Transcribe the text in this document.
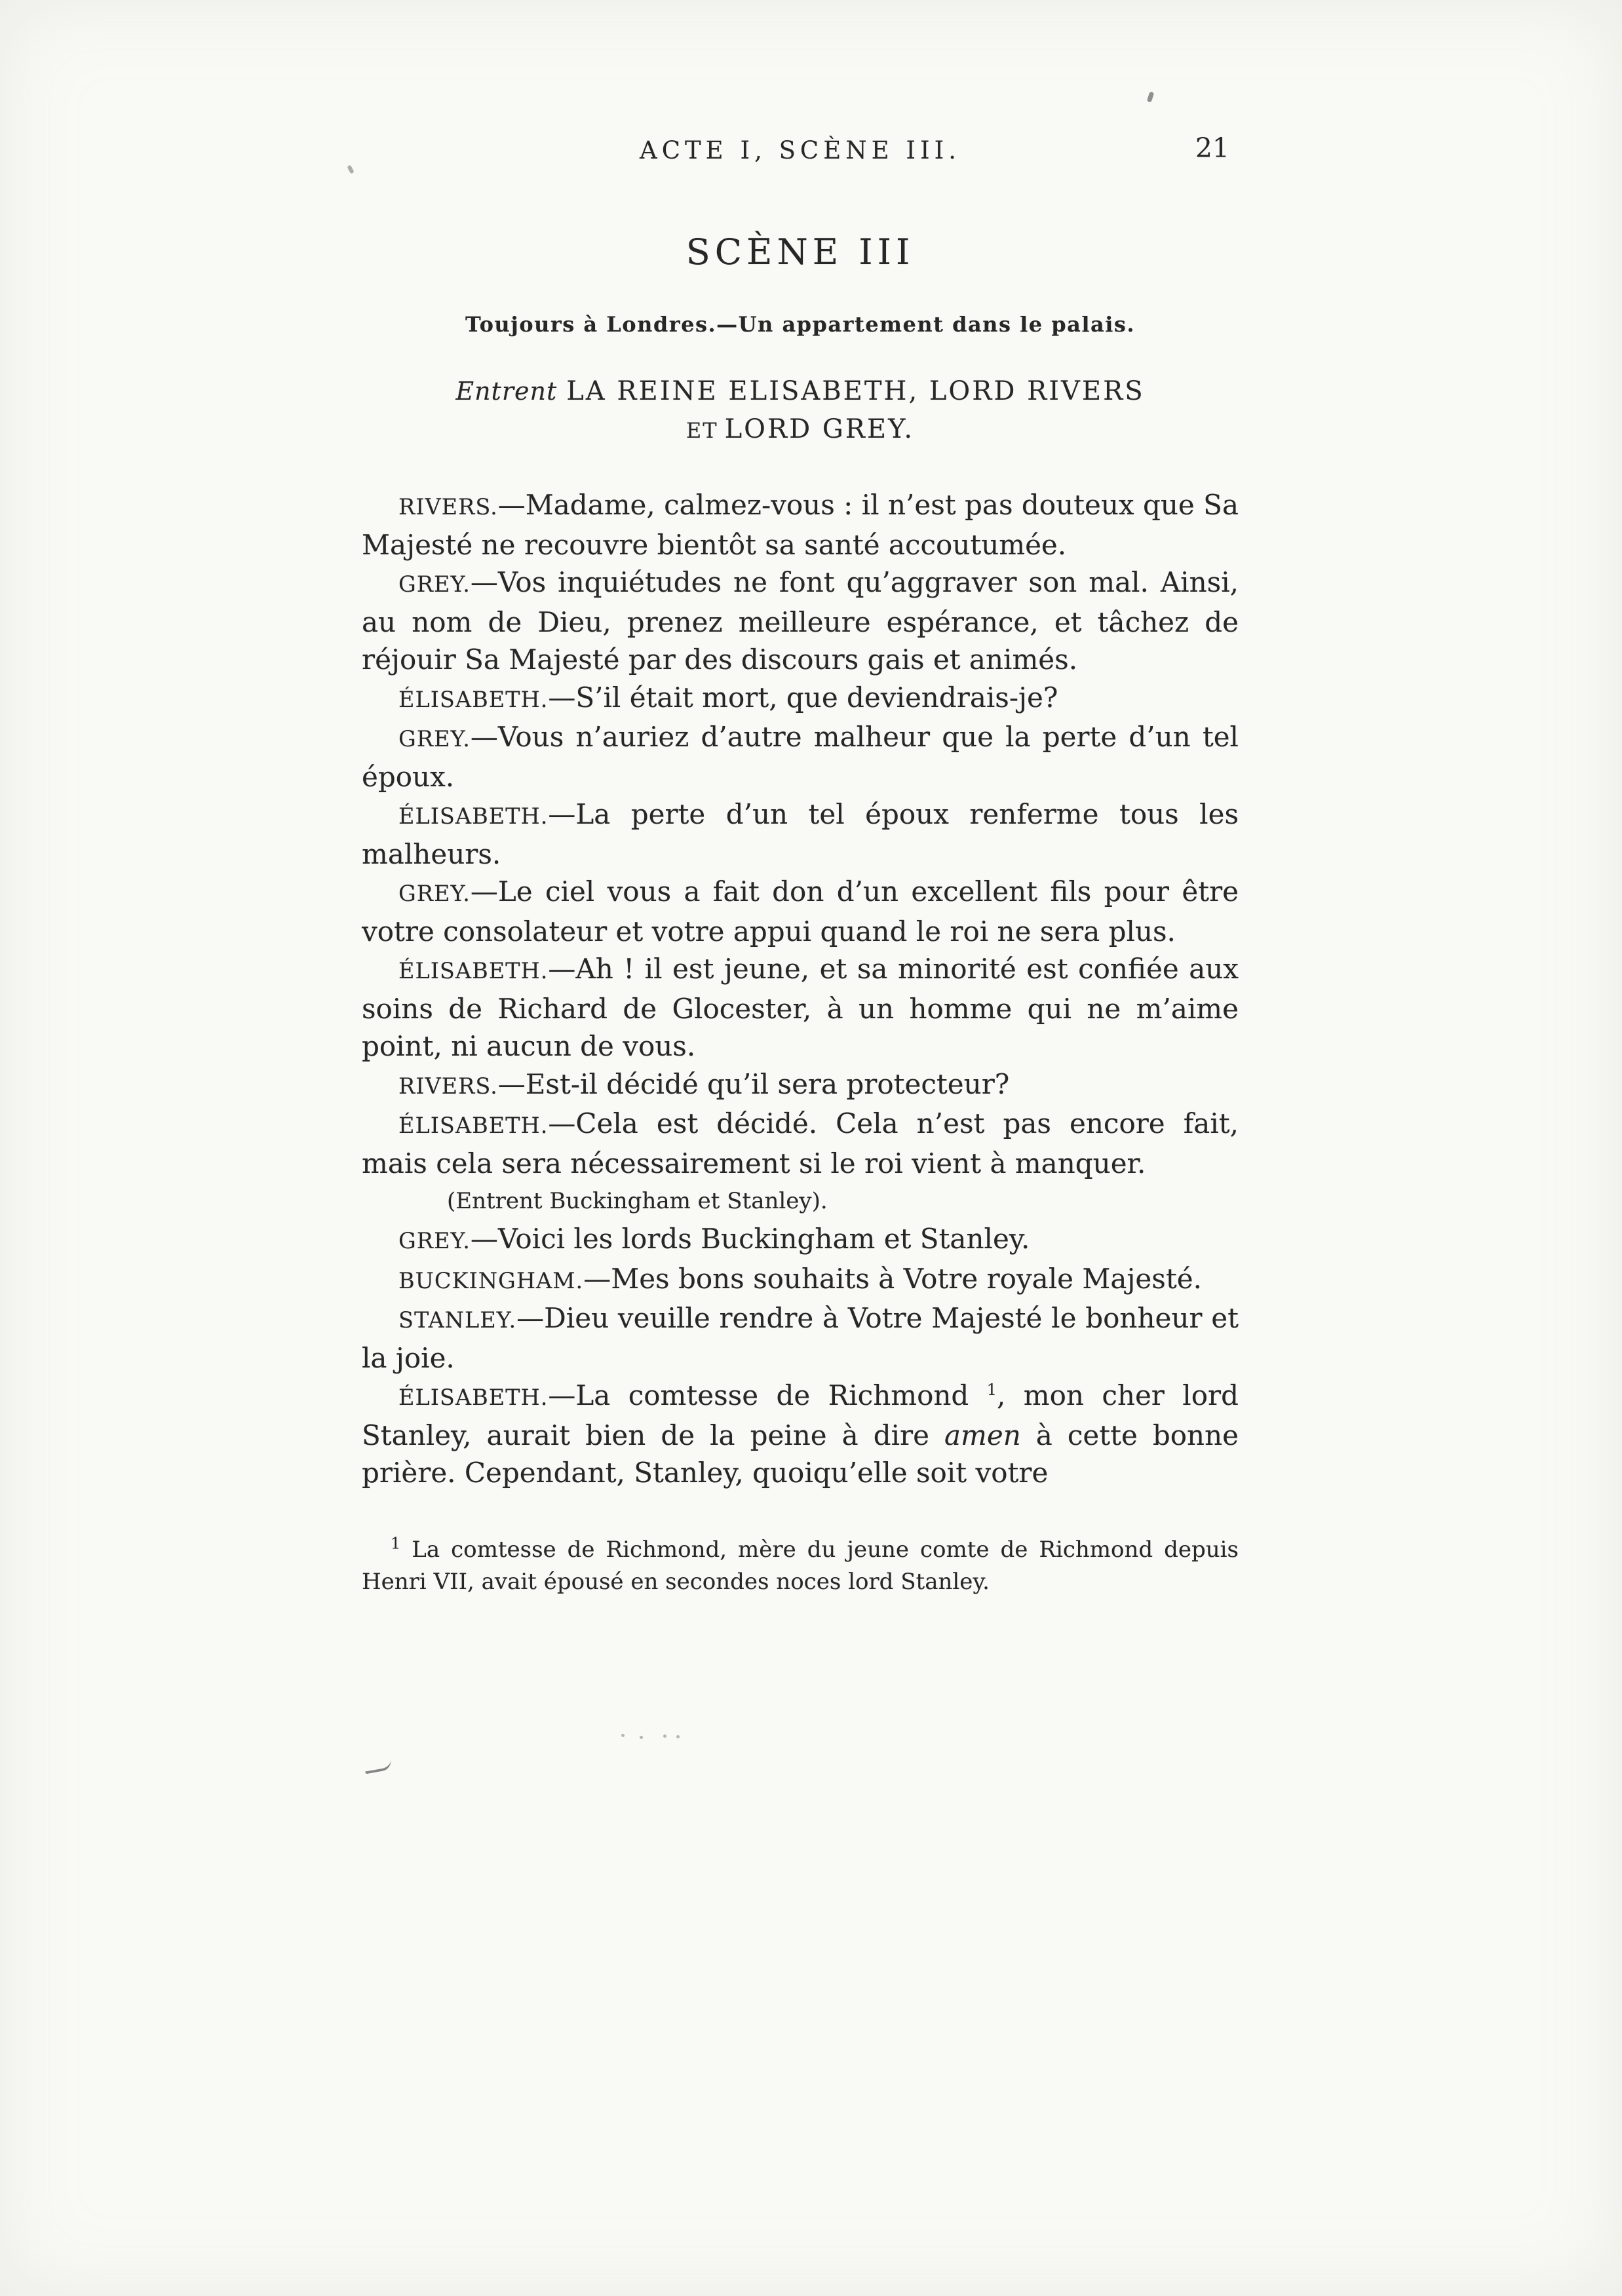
ACTE I, SCÈNE III.	21
SCÈNE III
Toujours à Londres.—Un appartement dans le palais.
Entrent LA REINE ELISABETH, LORD RIVERS
ET LORD GREY.

RIVERS.—Madame, calmez-vous : il n’est pas douteux que Sa Majesté ne recouvre bientôt sa santé accoutumée.

GREY.—Vos inquiétudes ne font qu’aggraver son mal. Ainsi, au nom de Dieu, prenez meilleure espérance, et tâchez de réjouir Sa Majesté par des discours gais et animés.

ÉLISABETH.—S’il était mort, que deviendrais-je?

GREY.—Vous n’auriez d’autre malheur que la perte d’un tel époux.

ÉLISABETH.—La perte d’un tel époux renferme tous les malheurs.

GREY.—Le ciel vous a fait don d’un excellent fils pour être votre consolateur et votre appui quand le roi ne sera plus.

ÉLISABETH.—Ah ! il est jeune, et sa minorité est confiée aux soins de Richard de Glocester, à un homme qui ne m’aime point, ni aucun de vous.

RIVERS.—Est-il décidé qu’il sera protecteur?

ÉLISABETH.—Cela est décidé. Cela n’est pas encore fait, mais cela sera nécessairement si le roi vient à manquer.

(Entrent Buckingham et Stanley).

GREY.—Voici les lords Buckingham et Stanley.

BUCKINGHAM.—Mes bons souhaits à Votre royale Majesté.

STANLEY.—Dieu veuille rendre à Votre Majesté le bonheur et la joie.

ÉLISABETH.—La comtesse de Richmond $^1$, mon cher lord Stanley, aurait bien de la peine à dire amen à cette bonne prière. Cependant, Stanley, quoiqu’elle soit votre

$^1$ La comtesse de Richmond, mère du jeune comte de Richmond depuis Henri VII, avait épousé en secondes noces lord Stanley.
